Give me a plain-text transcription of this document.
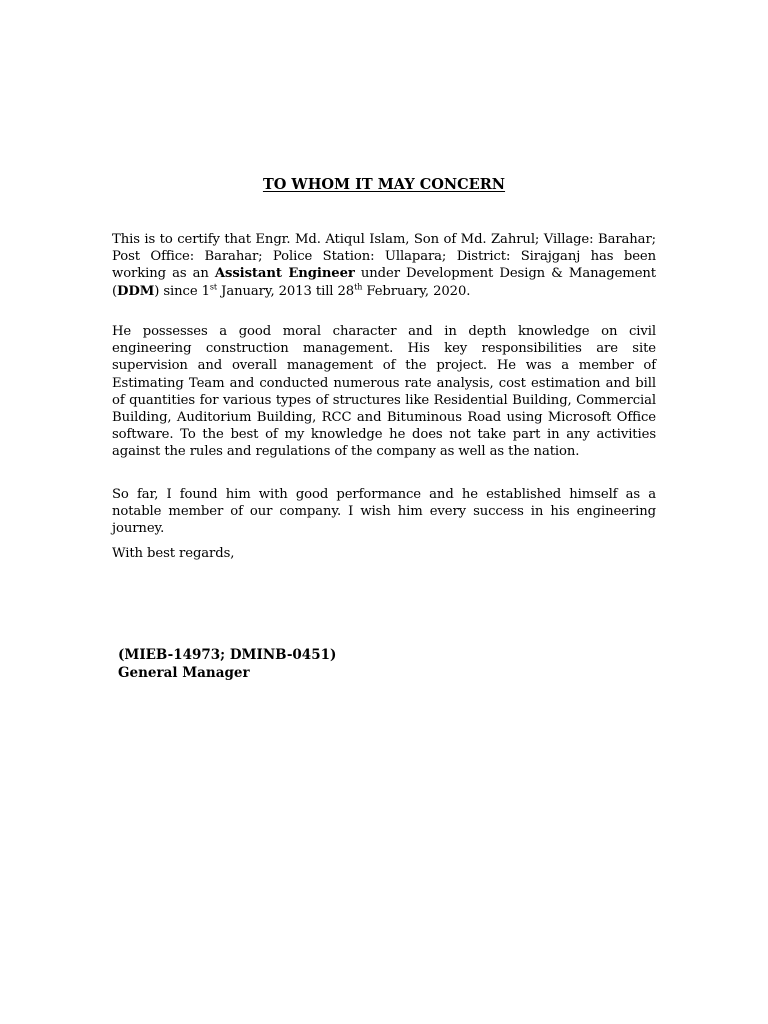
TO WHOM IT MAY CONCERN
This is to certify that Engr. Md. Atiqul Islam, Son of Md. Zahrul; Village: Barahar; Post Office: Barahar; Police Station: Ullapara; District: Sirajganj has been working as an Assistant Engineer under Development Design & Management (DDM) since 1st January, 2013 till 28th February, 2020.
He possesses a good moral character and in depth knowledge on civil engineering construction management. His key responsibilities are site supervision and overall management of the project. He was a member of Estimating Team and conducted numerous rate analysis, cost estimation and bill of quantities for various types of structures like Residential Building, Commercial Building, Auditorium Building, RCC and Bituminous Road using Microsoft Office software. To the best of my knowledge he does not take part in any activities against the rules and regulations of the company as well as the nation.
So far, I found him with good performance and he established himself as a notable member of our company. I wish him every success in his engineering journey.
With best regards,
(MIEB-14973; DMINB-0451)
General Manager
